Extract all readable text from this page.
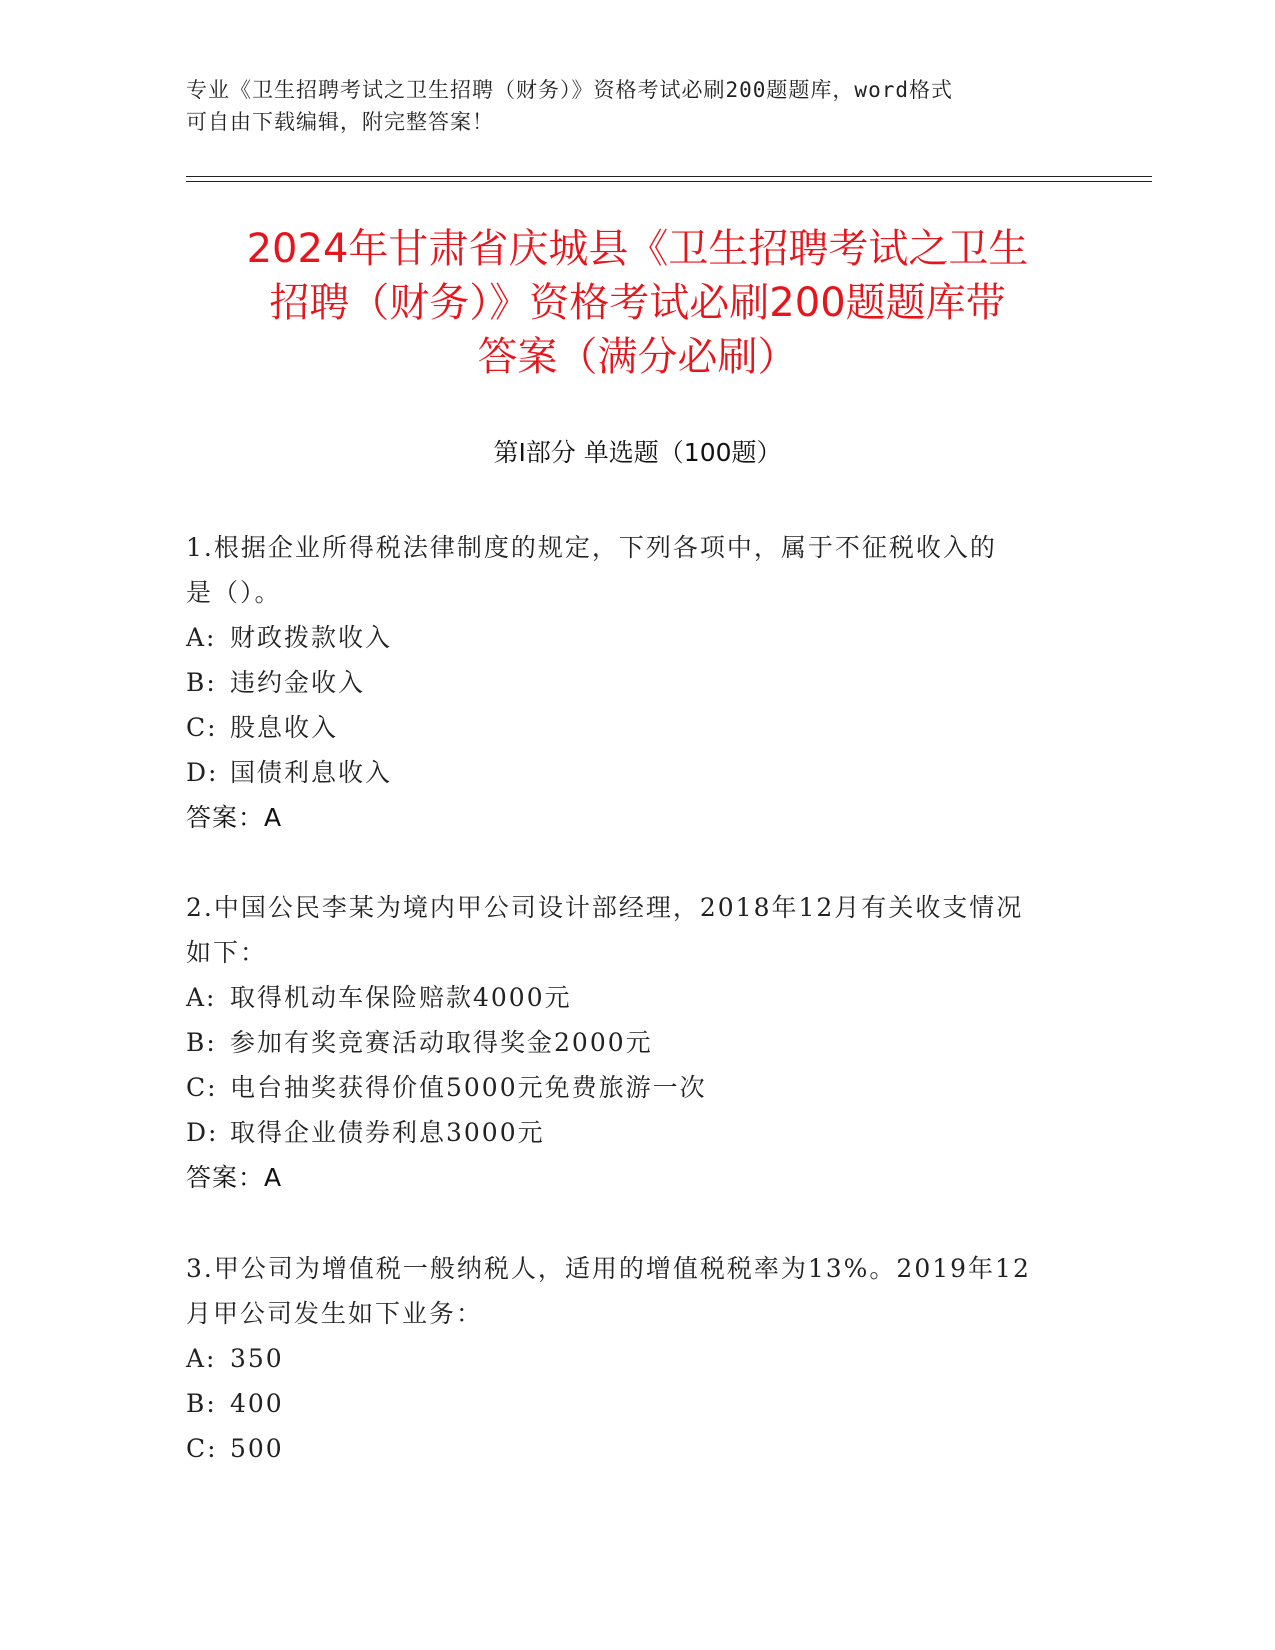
专业《卫生招聘考试之卫生招聘（财务）》资格考试必刷200题题库，word格式
可自由下载编辑，附完整答案！
2024年甘肃省庆城县《卫生招聘考试之卫生
招聘（财务）》资格考试必刷200题题库带
答案（满分必刷）
第Ⅰ部分 单选题（100题）
1.根据企业所得税法律制度的规定，下列各项中，属于不征税收入的
是（）。
A: 财政拨款收入
B: 违约金收入
C: 股息收入
D: 国债利息收入
答案：A
2.中国公民李某为境内甲公司设计部经理，2018年12月有关收支情况
如下：
A: 取得机动车保险赔款4000元
B: 参加有奖竞赛活动取得奖金2000元
C: 电台抽奖获得价值5000元免费旅游一次
D: 取得企业债券利息3000元
答案：A
3.甲公司为增值税一般纳税人，适用的增值税税率为13%。2019年12
月甲公司发生如下业务：
A: 350
B: 400
C: 500
